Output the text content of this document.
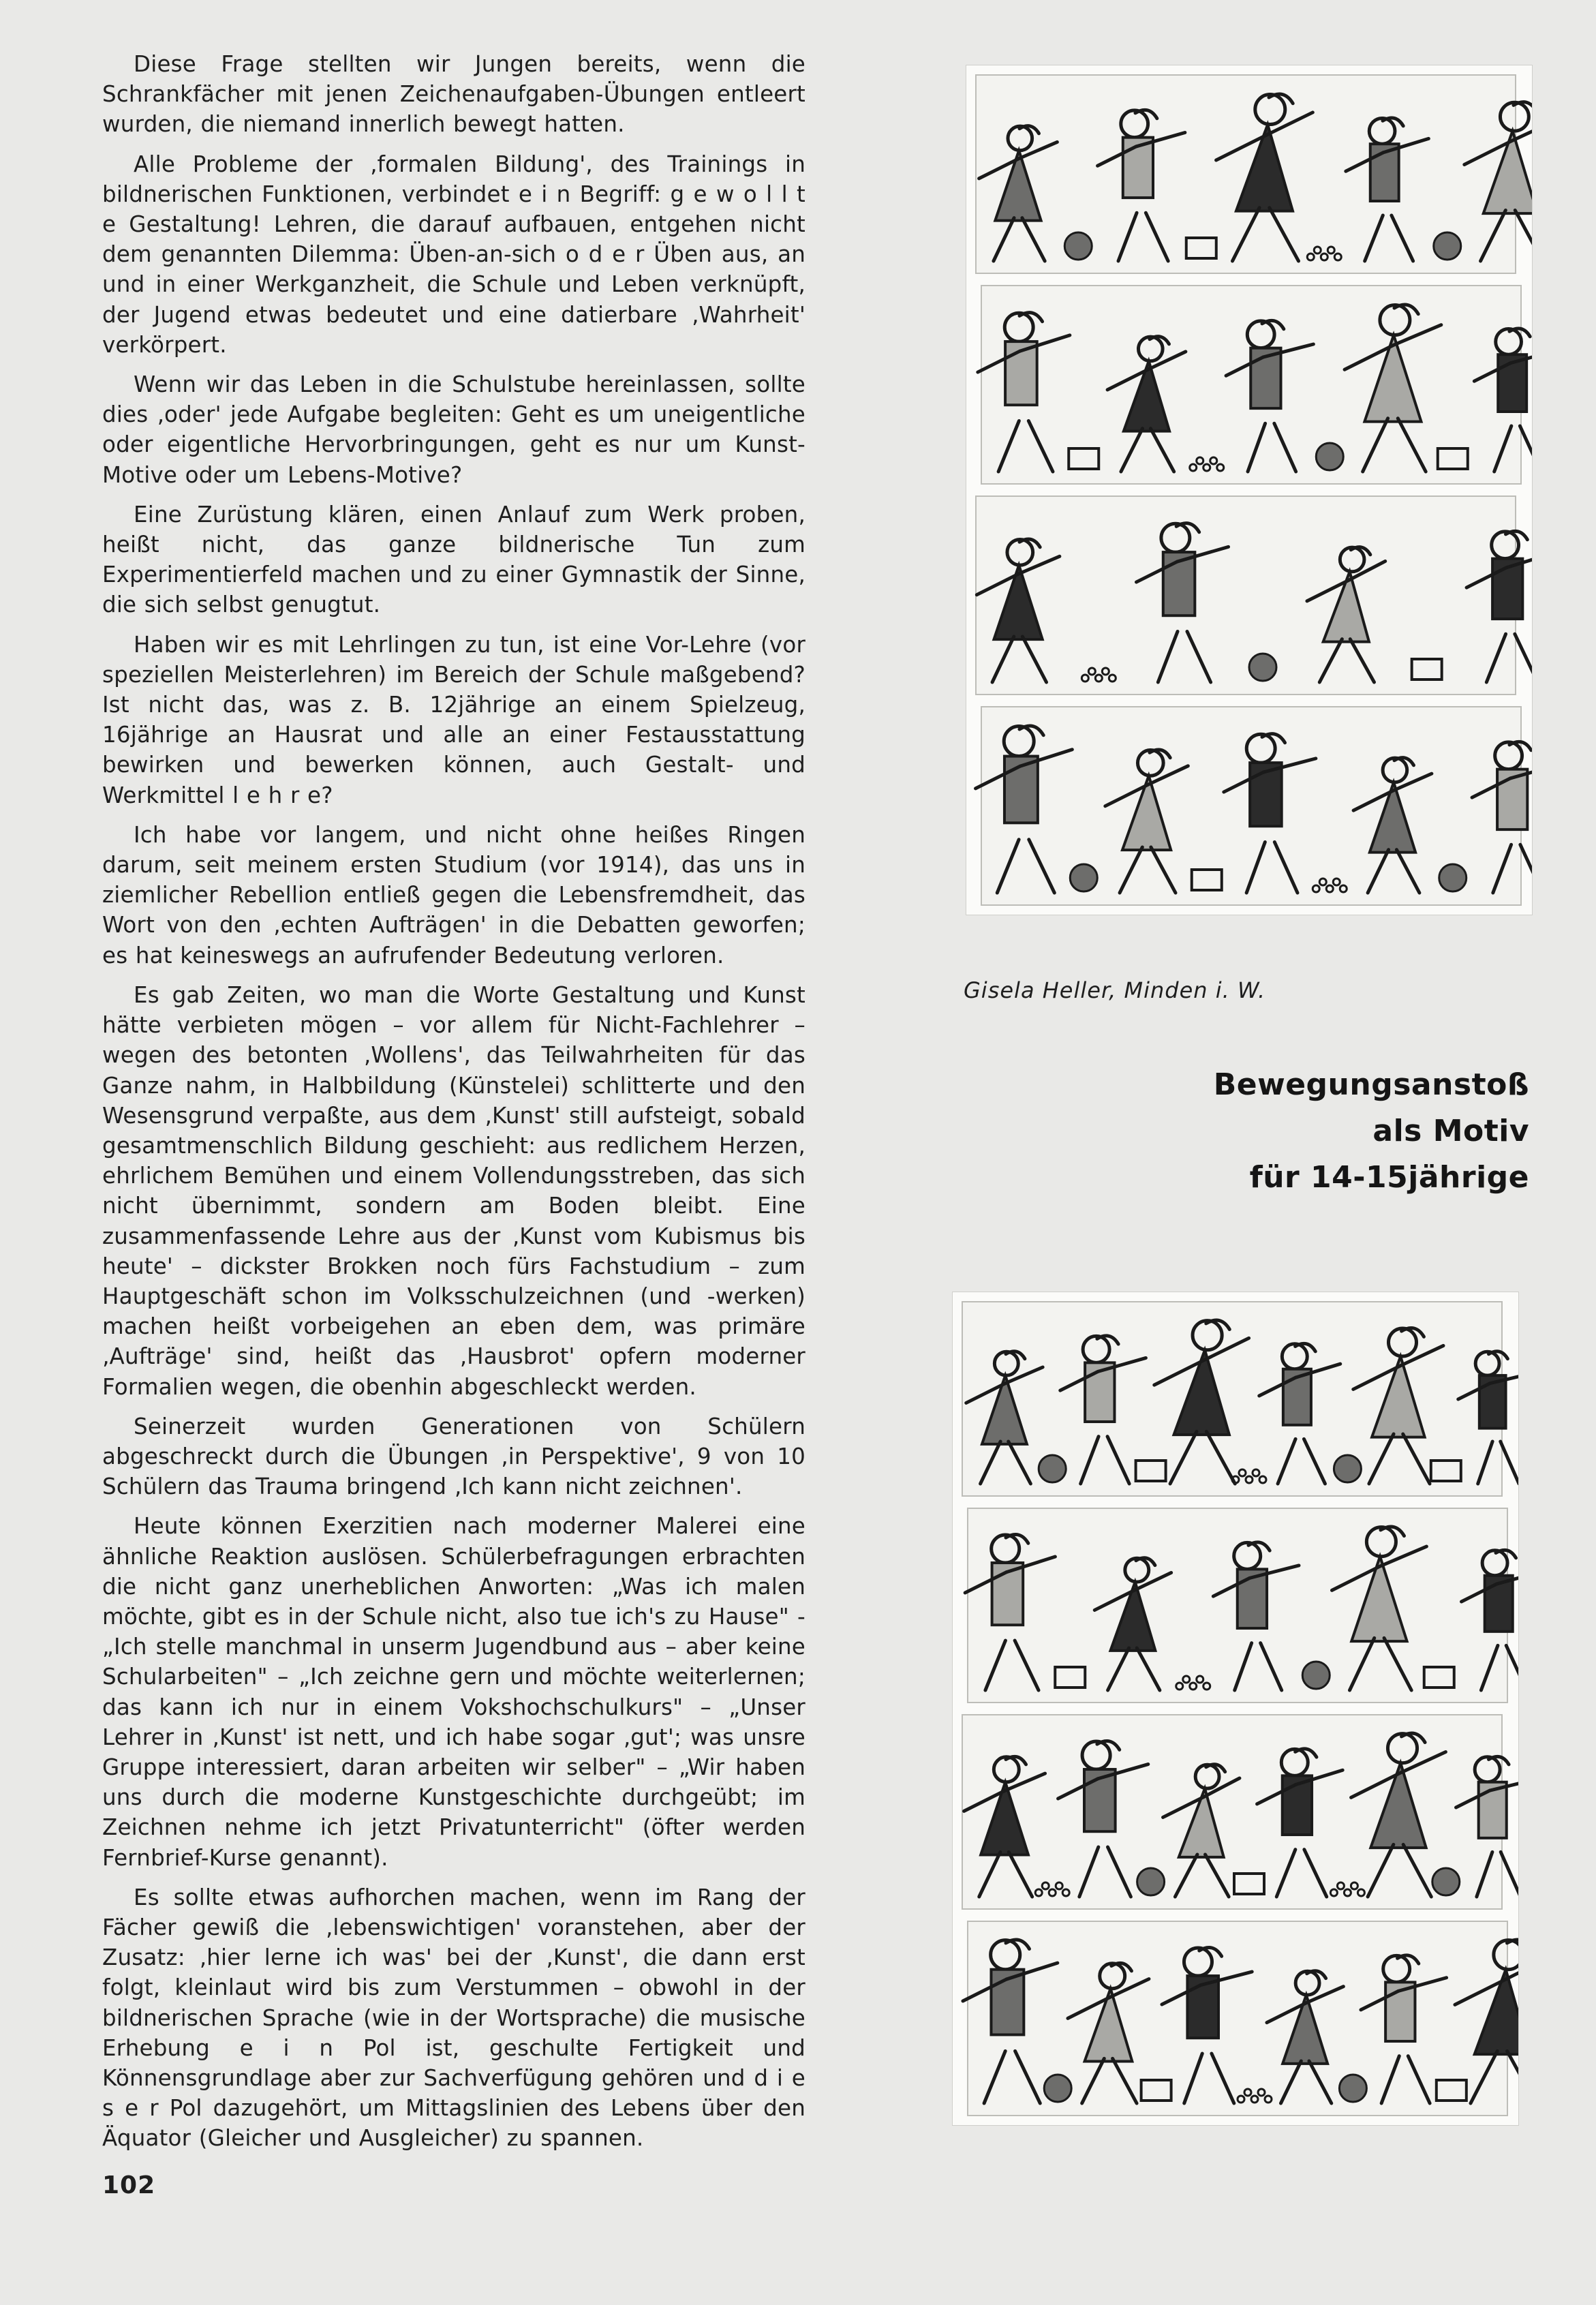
Diese Frage stellten wir Jungen bereits, wenn die Schrankfächer mit jenen Zeichenaufgaben-Übungen entleert wurden, die niemand innerlich bewegt hatten.

Alle Probleme der ‚formalen Bildung', des Trainings in bildnerischen Funktionen, verbindet e i n Begriff: g e w o l l t e Gestaltung! Lehren, die darauf aufbauen, entgehen nicht dem genannten Dilemma: Üben-an-sich o d e r Üben aus, an und in einer Werkganzheit, die Schule und Leben verknüpft, der Jugend etwas bedeutet und eine datierbare ‚Wahrheit' verkörpert.

Wenn wir das Leben in die Schulstube hereinlassen, sollte dies ‚oder' jede Aufgabe begleiten: Geht es um uneigentliche oder eigentliche Hervorbringungen, geht es nur um Kunst-Motive oder um Lebens-Motive?

Eine Zurüstung klären, einen Anlauf zum Werk proben, heißt nicht, das ganze bildnerische Tun zum Experimentierfeld machen und zu einer Gymnastik der Sinne, die sich selbst genugtut.

Haben wir es mit Lehrlingen zu tun, ist eine Vor-Lehre (vor speziellen Meisterlehren) im Bereich der Schule maßgebend? Ist nicht das, was z. B. 12jährige an einem Spielzeug, 16jährige an Hausrat und alle an einer Festausstattung bewirken und bewerken können, auch Gestalt- und Werkmittel l e h r e?

Ich habe vor langem, und nicht ohne heißes Ringen darum, seit meinem ersten Studium (vor 1914), das uns in ziemlicher Rebellion entließ gegen die Lebensfremdheit, das Wort von den ‚echten Aufträgen' in die Debatten geworfen; es hat keineswegs an aufrufender Bedeutung verloren.

Es gab Zeiten, wo man die Worte Gestaltung und Kunst hätte verbieten mögen – vor allem für Nicht-Fachlehrer – wegen des betonten ‚Wollens', das Teilwahrheiten für das Ganze nahm, in Halbbildung (Künstelei) schlitterte und den Wesensgrund verpaßte, aus dem ‚Kunst' still aufsteigt, sobald gesamtmenschlich Bildung geschieht: aus redlichem Herzen, ehrlichem Bemühen und einem Vollendungsstreben, das sich nicht übernimmt, sondern am Boden bleibt. Eine zusammenfassende Lehre aus der ‚Kunst vom Kubismus bis heute' – dickster Brokken noch fürs Fachstudium – zum Hauptgeschäft schon im Volksschulzeichnen (und -werken) machen heißt vorbeigehen an eben dem, was primäre ‚Aufträge' sind, heißt das ‚Hausbrot' opfern moderner Formalien wegen, die obenhin abgeschleckt werden.

Seinerzeit wurden Generationen von Schülern abgeschreckt durch die Übungen ‚in Perspektive', 9 von 10 Schülern das Trauma bringend ‚Ich kann nicht zeichnen'.

Heute können Exerzitien nach moderner Malerei eine ähnliche Reaktion auslösen. Schülerbefragungen erbrachten die nicht ganz unerheblichen Anworten: „Was ich malen möchte, gibt es in der Schule nicht, also tue ich's zu Hause" - „Ich stelle manchmal in unserm Jugendbund aus – aber keine Schularbeiten" – „Ich zeichne gern und möchte weiterlernen; das kann ich nur in einem Vokshochschulkurs" – „Unser Lehrer in ‚Kunst' ist nett, und ich habe sogar ‚gut'; was unsre Gruppe interessiert, daran arbeiten wir selber" – „Wir haben uns durch die moderne Kunstgeschichte durchgeübt; im Zeichnen nehme ich jetzt Privatunterricht" (öfter werden Fernbrief-Kurse genannt).

Es sollte etwas aufhorchen machen, wenn im Rang der Fächer gewiß die ‚lebenswichtigen' voranstehen, aber der Zusatz: ‚hier lerne ich was' bei der ‚Kunst', die dann erst folgt, kleinlaut wird bis zum Verstummen – obwohl in der bildnerischen Sprache (wie in der Wortsprache) die musische Erhebung e i n Pol ist, geschulte Fertigkeit und Könnensgrundlage aber zur Sachverfügung gehören und d i e s e r Pol dazugehört, um Mittagslinien des Lebens über den Äquator (Gleicher und Ausgleicher) zu spannen.

Gisela Heller, Minden i. W.
Bewegungsanstoß
als Motiv
für 14-15jährige
102
